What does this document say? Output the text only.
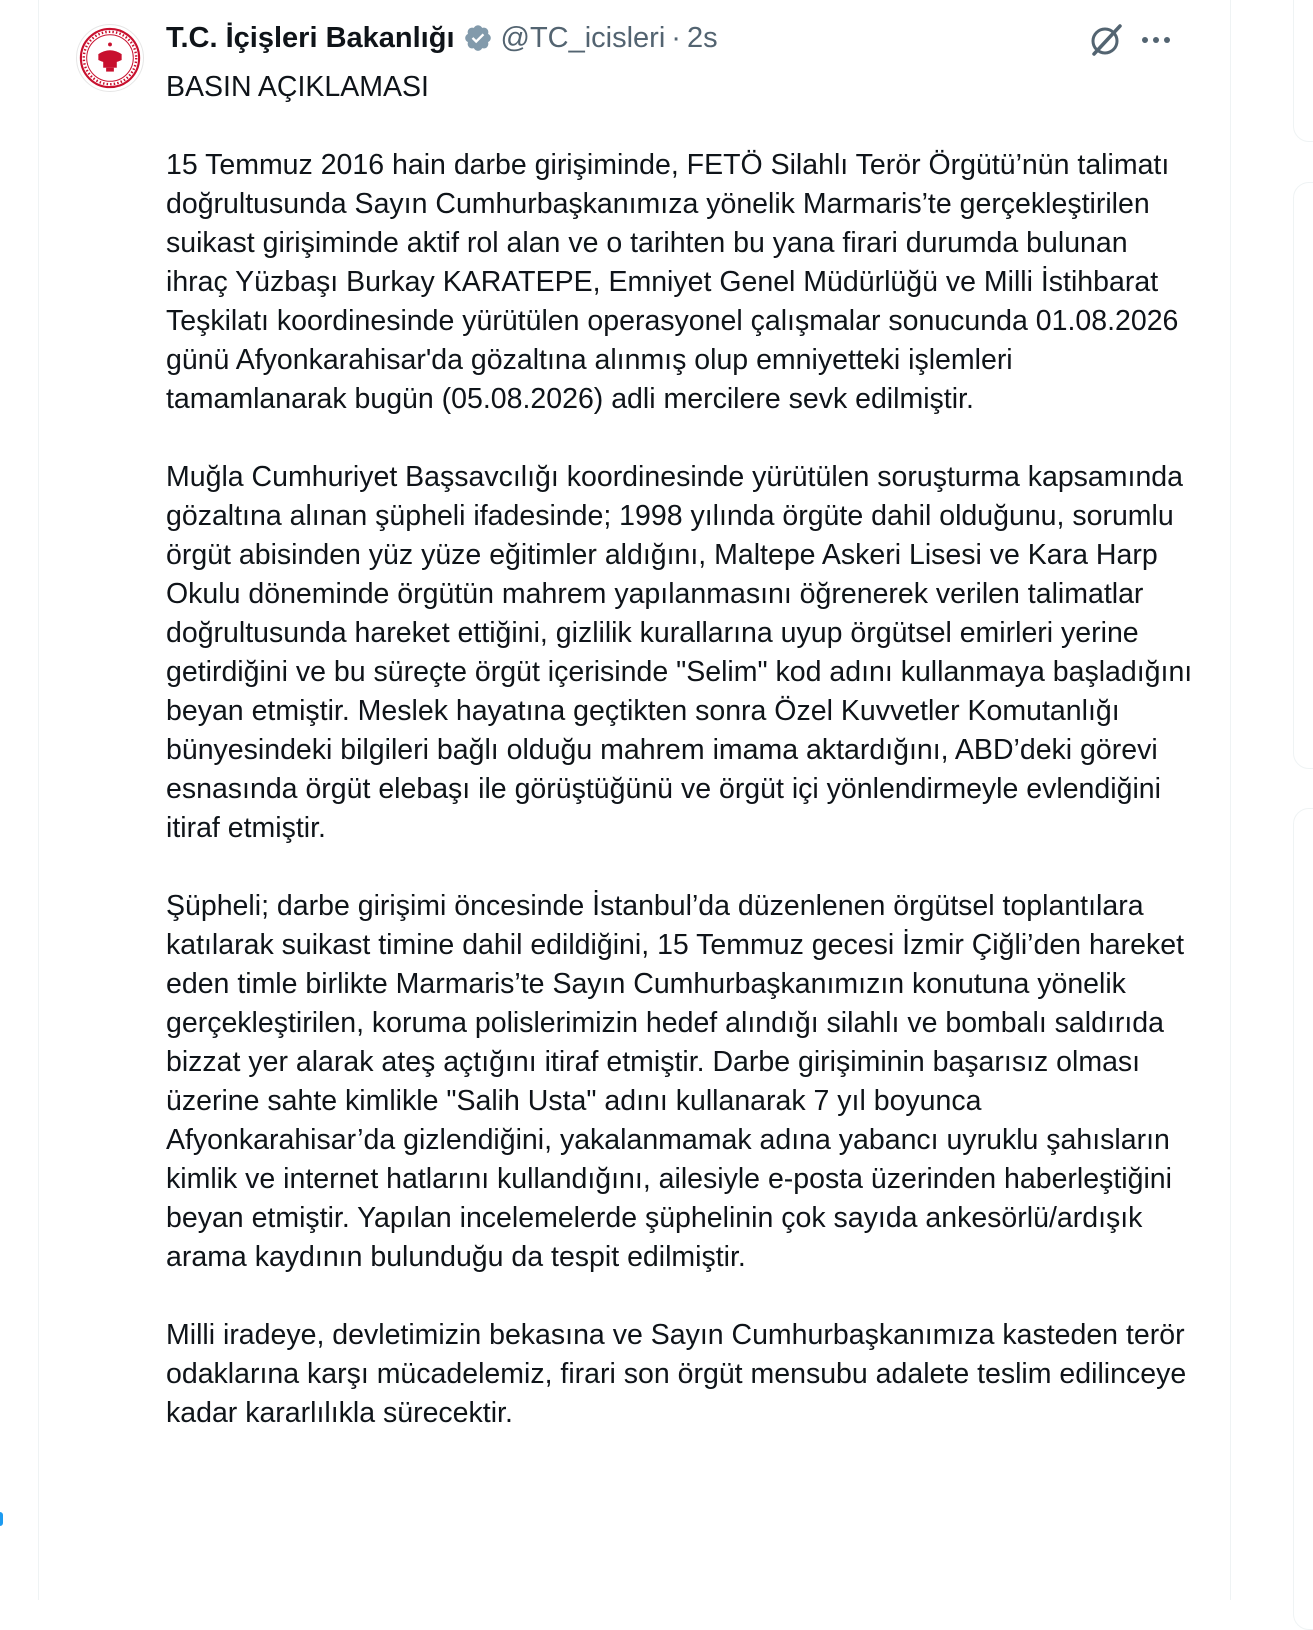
T.C. İçişleri Bakanlığı @TC_icisleri · 2s

BASIN AÇIKLAMASI

15 Temmuz 2016 hain darbe girişiminde, FETÖ Silahlı Terör Örgütü’nün talimatı doğrultusunda Sayın Cumhurbaşkanımıza yönelik Marmaris’te gerçekleştirilen suikast girişiminde aktif rol alan ve o tarihten bu yana firari durumda bulunan ihraç Yüzbaşı Burkay KARATEPE, Emniyet Genel Müdürlüğü ve Milli İstihbarat Teşkilatı koordinesinde yürütülen operasyonel çalışmalar sonucunda 01.08.2026 günü Afyonkarahisar'da gözaltına alınmış olup emniyetteki işlemleri tamamlanarak bugün (05.08.2026) adli mercilere sevk edilmiştir.

Muğla Cumhuriyet Başsavcılığı koordinesinde yürütülen soruşturma kapsamında gözaltına alınan şüpheli ifadesinde; 1998 yılında örgüte dahil olduğunu, sorumlu örgüt abisinden yüz yüze eğitimler aldığını, Maltepe Askeri Lisesi ve Kara Harp Okulu döneminde örgütün mahrem yapılanmasını öğrenerek verilen talimatlar doğrultusunda hareket ettiğini, gizlilik kurallarına uyup örgütsel emirleri yerine getirdiğini ve bu süreçte örgüt içerisinde "Selim" kod adını kullanmaya başladığını beyan etmiştir. Meslek hayatına geçtikten sonra Özel Kuvvetler Komutanlığı bünyesindeki bilgileri bağlı olduğu mahrem imama aktardığını, ABD’deki görevi esnasında örgüt elebaşı ile görüştüğünü ve örgüt içi yönlendirmeyle evlendiğini itiraf etmiştir.

Şüpheli; darbe girişimi öncesinde İstanbul’da düzenlenen örgütsel toplantılara katılarak suikast timine dahil edildiğini, 15 Temmuz gecesi İzmir Çiğli’den hareket eden timle birlikte Marmaris’te Sayın Cumhurbaşkanımızın konutuna yönelik gerçekleştirilen, koruma polislerimizin hedef alındığı silahlı ve bombalı saldırıda bizzat yer alarak ateş açtığını itiraf etmiştir. Darbe girişiminin başarısız olması üzerine sahte kimlikle "Salih Usta" adını kullanarak 7 yıl boyunca Afyonkarahisar’da gizlendiğini, yakalanmamak adına yabancı uyruklu şahısların kimlik ve internet hatlarını kullandığını, ailesiyle e-posta üzerinden haberleştiğini beyan etmiştir. Yapılan incelemelerde şüphelinin çok sayıda ankesörlü/ardışık arama kaydının bulunduğu da tespit edilmiştir.

Milli iradeye, devletimizin bekasına ve Sayın Cumhurbaşkanımıza kasteden terör odaklarına karşı mücadelemiz, firari son örgüt mensubu adalete teslim edilinceye kadar kararlılıkla sürecektir.
